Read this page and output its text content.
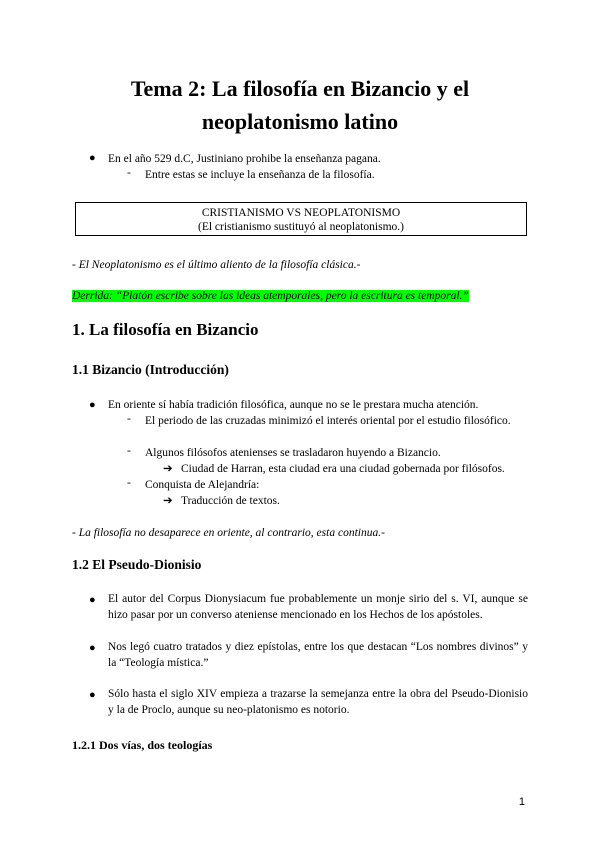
Tema 2: La filosofía en Bizancio y el
neoplatonismo latino
● En el año 529 d.C, Justiniano prohibe la enseñanza pagana.
- Entre estas se incluye la enseñanza de la filosofía.
CRISTIANISMO VS NEOPLATONISMO
(El cristianismo sustituyó al neoplatonismo.)
- El Neoplatonismo es el último aliento de la filosofía clásica.-
Derrida: “Platón escribe sobre las ideas atemporales, pero la escritura es temporal.”
1. La filosofía en Bizancio
1.1 Bizancio (Introducción)
● En oriente sí había tradición filosófica, aunque no se le prestara mucha atención.
- El periodo de las cruzadas minimizó el interés oriental por el estudio filosófico.
- Algunos filósofos atenienses se trasladaron huyendo a Bizancio.
➔ Ciudad de Harran, esta ciudad era una ciudad gobernada por filósofos.
- Conquista de Alejandría:
➔ Traducción de textos.
- La filosofía no desaparece en oriente, al contrario, esta continua.-
1.2 El Pseudo-Dionisio
● El autor del Corpus Dionysiacum fue probablemente un monje sirio del s. VI, aunque se hizo pasar por un converso ateniense mencionado en los Hechos de los apóstoles.
● Nos legó cuatro tratados y diez epístolas, entre los que destacan “Los nombres divinos” y la “Teología mística.”
● Sólo hasta el siglo XIV empieza a trazarse la semejanza entre la obra del Pseudo-Dionisio y la de Proclo, aunque su neo-platonismo es notorio.
1.2.1 Dos vías, dos teologías
1
